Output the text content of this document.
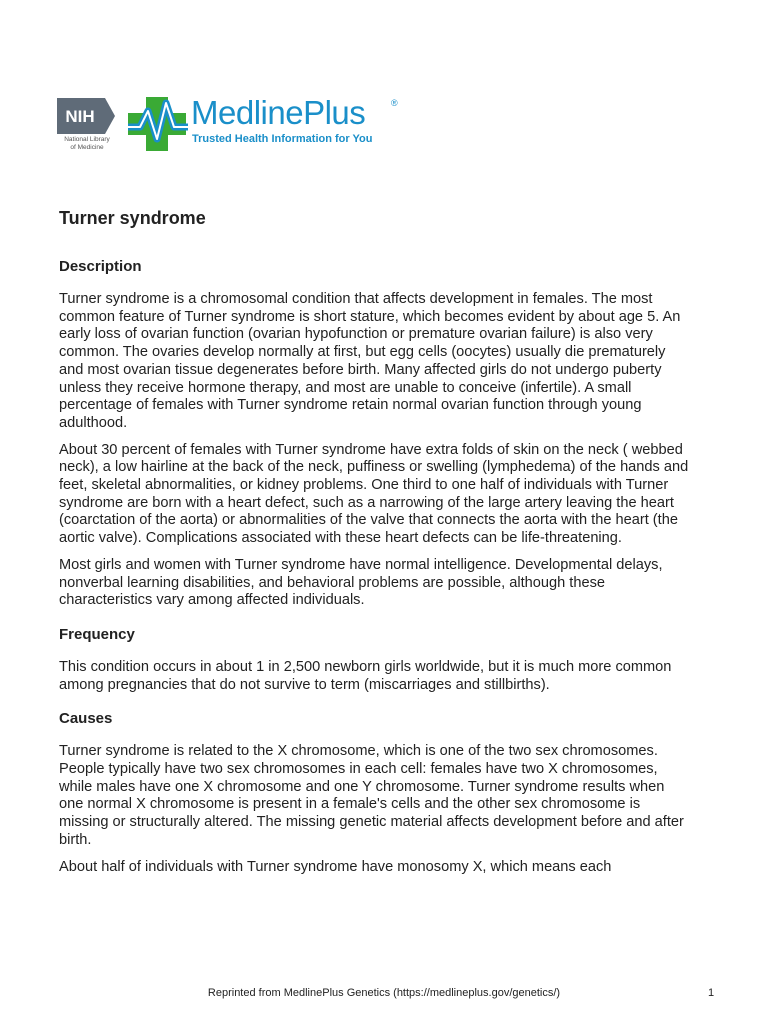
NIH
National Library
of Medicine
MedlinePlus	®
Trusted Health Information for You
Turner syndrome
Description

Turner syndrome is a chromosomal condition that affects development in females. The most common feature of Turner syndrome is short stature, which becomes evident by about age 5. An early loss of ovarian function (ovarian hypofunction or premature ovarian failure) is also very common. The ovaries develop normally at first, but egg cells (oocytes) usually die prematurely and most ovarian tissue degenerates before birth. Many affected girls do not undergo puberty unless they receive hormone therapy, and most are unable to conceive (infertile). A small percentage of females with Turner syndrome retain normal ovarian function through young adulthood.

About 30 percent of females with Turner syndrome have extra folds of skin on the neck ( webbed neck), a low hairline at the back of the neck, puffiness or swelling (lymphedema) of the hands and feet, skeletal abnormalities, or kidney problems. One third to one half of individuals with Turner syndrome are born with a heart defect, such as a narrowing of the large artery leaving the heart (coarctation of the aorta) or abnormalities of the valve that connects the aorta with the heart (the aortic valve). Complications associated with these heart defects can be life-threatening.

Most girls and women with Turner syndrome have normal intelligence. Developmental delays, nonverbal learning disabilities, and behavioral problems are possible, although these characteristics vary among affected individuals.

Frequency

This condition occurs in about 1 in 2,500 newborn girls worldwide, but it is much more common among pregnancies that do not survive to term (miscarriages and stillbirths).

Causes

Turner syndrome is related to the X chromosome, which is one of the two sex chromosomes. People typically have two sex chromosomes in each cell: females have two X chromosomes, while males have one X chromosome and one Y chromosome. Turner syndrome results when one normal X chromosome is present in a female's cells and the other sex chromosome is missing or structurally altered. The missing genetic material affects development before and after birth.

About half of individuals with Turner syndrome have monosomy X, which means each

Reprinted from MedlinePlus Genetics (https://medlineplus.gov/genetics/)	1
